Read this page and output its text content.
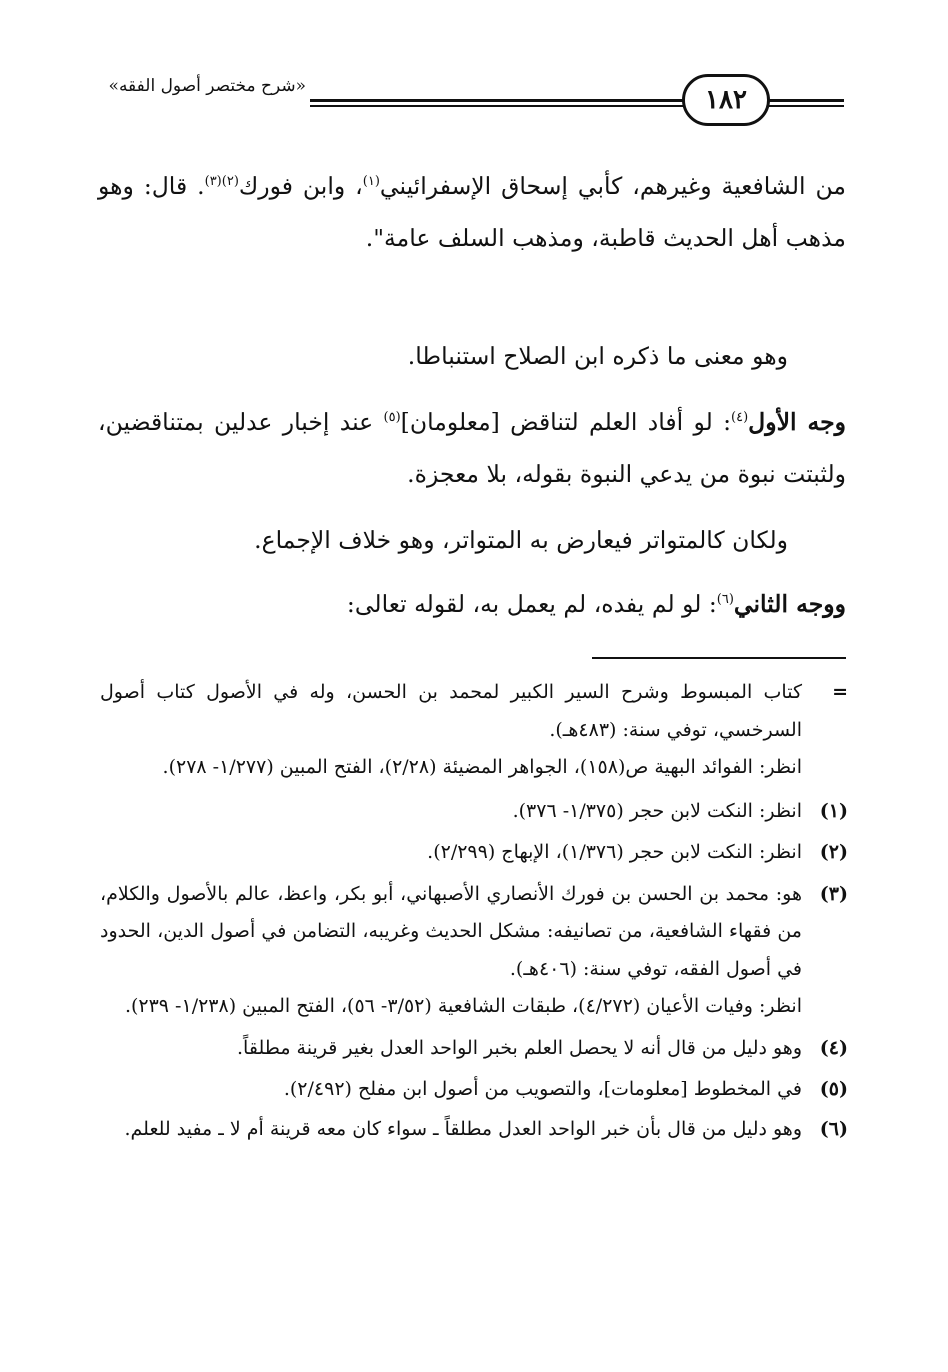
«شرح مختصر أصول الفقه»	١٨٢

من الشافعية وغيرهم، كأبي إسحاق الإسفرائيني$^{(١)}$، وابن فورك$^{(٢)(٣)}$. قال: وهو مذهب أهل الحديث قاطبة، ومذهب السلف عامة".

وهو معنى ما ذكره ابن الصلاح استنباطا.

وجه الأول$^{(٤)}$: لو أفاد العلم لتناقض [معلومان]$^{(٥)}$ عند إخبار عدلين بمتناقضين، ولثبتت نبوة من يدعي النبوة بقوله، بلا معجزة.

ولكان كالمتواتر فيعارض به المتواتر، وهو خلاف الإجماع.

ووجه الثاني$^{(٦)}$: لو لم يفده، لم يعمل به، لقوله تعالى:

=
كتاب المبسوط وشرح السير الكبير لمحمد بن الحسن، وله في الأصول كتاب أصول السرخسي، توفي سنة: (٤٨٣هـ).
انظر: الفوائد البهية ص(١٥٨)، الجواهر المضيئة (٢/٢٨)، الفتح المبين (١/٢٧٧- ٢٧٨).
(١)
انظر: النكت لابن حجر (١/٣٧٥- ٣٧٦).
(٢)
انظر: النكت لابن حجر (١/٣٧٦)، الإبهاج (٢/٢٩٩).
(٣)
هو: محمد بن الحسن بن فورك الأنصاري الأصبهاني، أبو بكر، واعظ، عالم بالأصول والكلام، من فقهاء الشافعية، من تصانيفه: مشكل الحديث وغريبه، التضامن في أصول الدين، الحدود في أصول الفقه، توفي سنة: (٤٠٦هـ).
انظر: وفيات الأعيان (٤/٢٧٢)، طبقات الشافعية (٣/٥٢- ٥٦)، الفتح المبين (١/٢٣٨- ٢٣٩).
(٤)
وهو دليل من قال أنه لا يحصل العلم بخبر الواحد العدل بغير قرينة مطلقاً.
(٥)
في المخطوط [معلومات]، والتصويب من أصول ابن مفلح (٢/٤٩٢).
(٦)
وهو دليل من قال بأن خبر الواحد العدل مطلقاً ـ سواء كان معه قرينة أم لا ـ مفيد للعلم.
